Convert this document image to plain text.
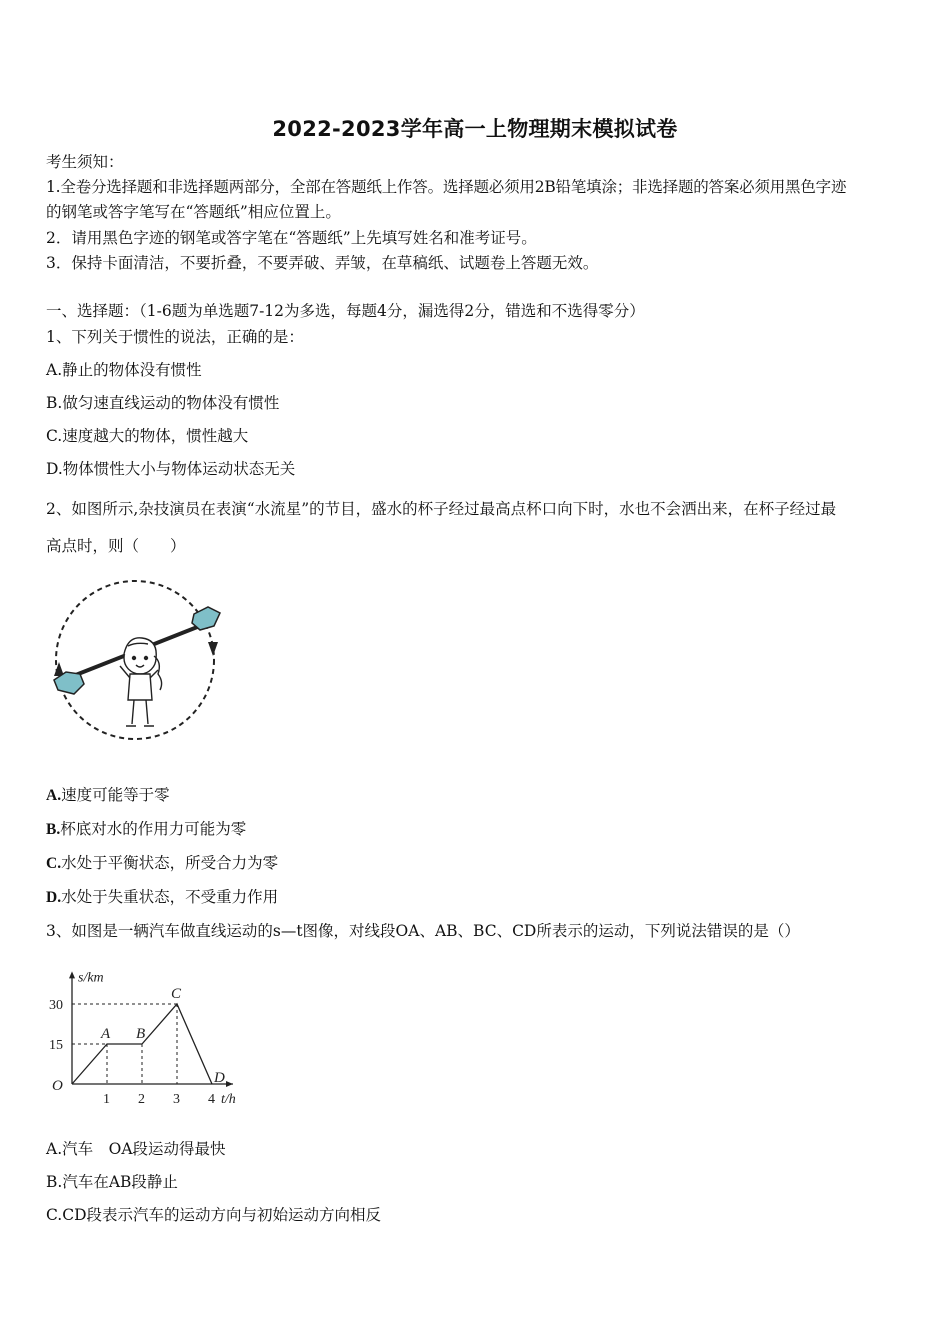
2022-2023学年高一上物理期末模拟试卷
考生须知：
1.全卷分选择题和非选择题两部分，全部在答题纸上作答。选择题必须用2B铅笔填涂；非选择题的答案必须用黑色字迹
的钢笔或答字笔写在“答题纸”相应位置上。
2．请用黑色字迹的钢笔或答字笔在“答题纸”上先填写姓名和准考证号。
3．保持卡面清洁，不要折叠，不要弄破、弄皱，在草稿纸、试题卷上答题无效。
一、选择题：（1-6题为单选题7-12为多选，每题4分，漏选得2分，错选和不选得零分）
1、下列关于惯性的说法，正确的是：
A.静止的物体没有惯性
B.做匀速直线运动的物体没有惯性
C.速度越大的物体，惯性越大
D.物体惯性大小与物体运动状态无关
2、如图所示,杂技演员在表演“水流星”的节目，盛水的杯子经过最高点杯口向下时，水也不会洒出来，在杯子经过最
高点时，则（　　）
A.速度可能等于零
B.杯底对水的作用力可能为零
C.水处于平衡状态，所受合力为零
D.水处于失重状态，不受重力作用
3、如图是一辆汽车做直线运动的s—t图像，对线段OA、AB、BC、CD所表示的运动，下列说法错误的是（）
s/km
t/h
O
1 2 3 4
15
30
A B
C
D
A.汽车　OA段运动得最快
B.汽车在AB段静止
C.CD段表示汽车的运动方向与初始运动方向相反
